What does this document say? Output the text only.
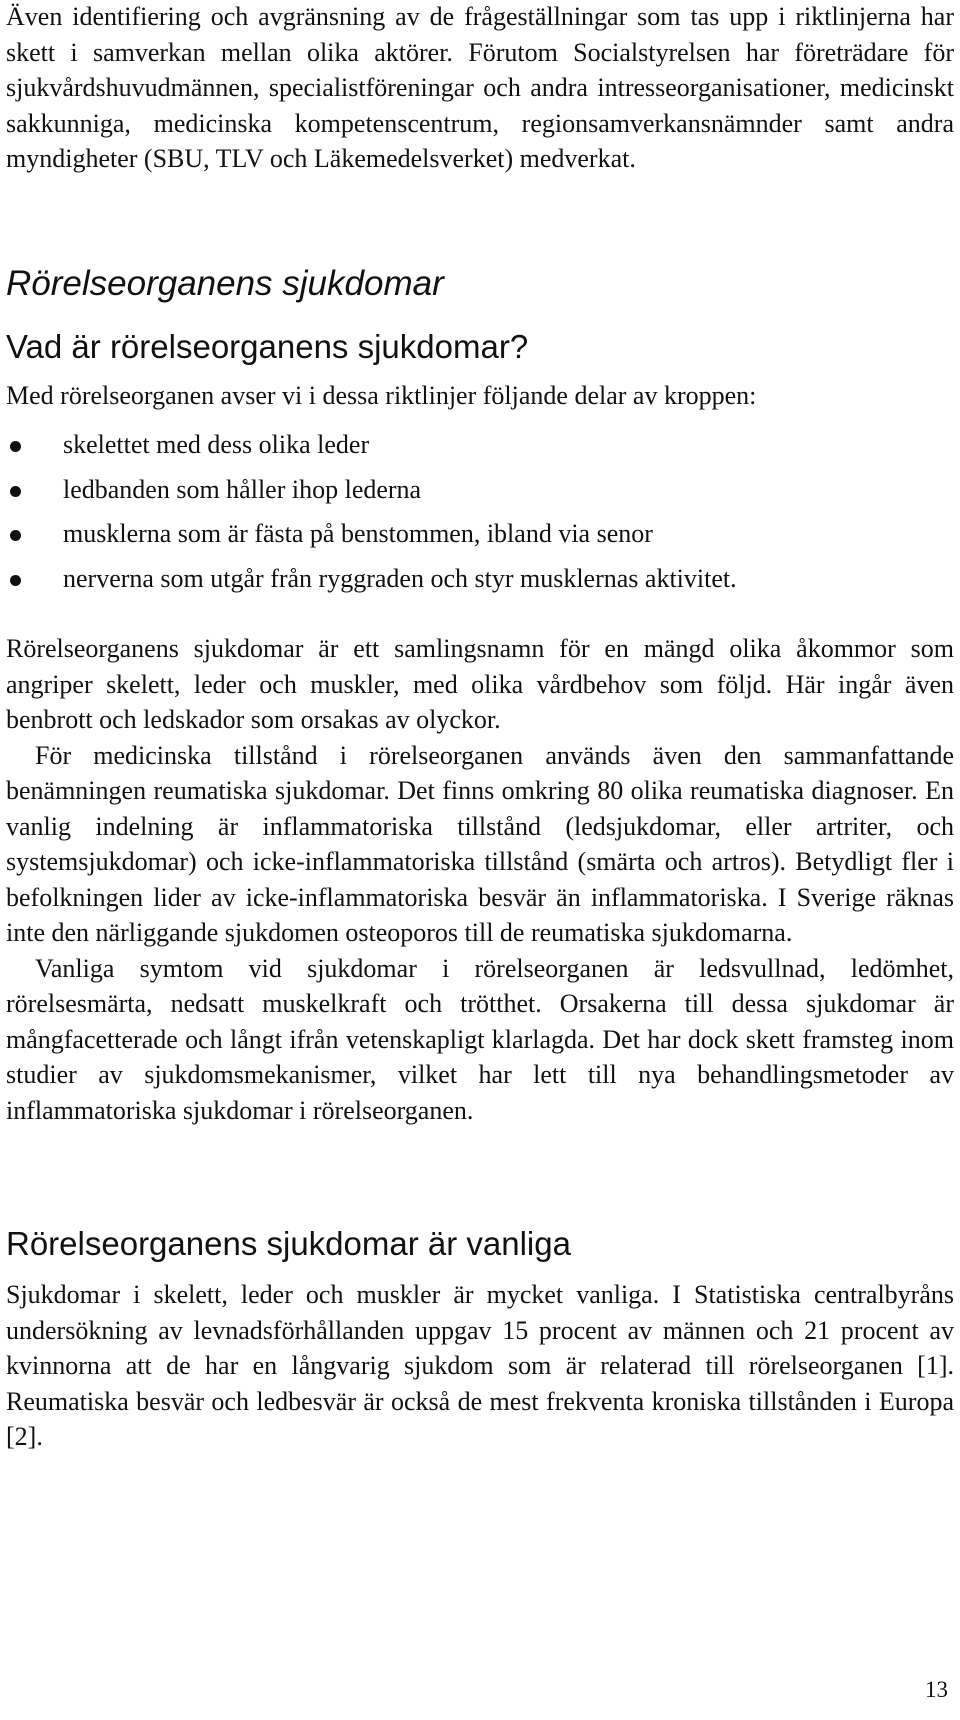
Även identifiering och avgränsning av de frågeställningar som tas upp i riktlinjerna har skett i samverkan mellan olika aktörer. Förutom Socialstyrelsen har företrädare för sjukvårdshuvudmännen, specialistföreningar och andra intresseorganisationer, medicinskt sakkunniga, medicinska kompetenscentrum, regionsamverkansnämnder samt andra myndigheter (SBU, TLV och Läkemedelsverket) medverkat.

Rörelseorganens sjukdomar
Vad är rörelseorganens sjukdomar?

Med rörelseorganen avser vi i dessa riktlinjer följande delar av kroppen:

skelettet med dess olika leder
ledbanden som håller ihop lederna
musklerna som är fästa på benstommen, ibland via senor
nerverna som utgår från ryggraden och styr musklernas aktivitet.

Rörelseorganens sjukdomar är ett samlingsnamn för en mängd olika åkommor som angriper skelett, leder och muskler, med olika vårdbehov som följd. Här ingår även benbrott och ledskador som orsakas av olyckor.

För medicinska tillstånd i rörelseorganen används även den sammanfattande benämningen reumatiska sjukdomar. Det finns omkring 80 olika reumatiska diagnoser. En vanlig indelning är inflammatoriska tillstånd (ledsjukdomar, eller artriter, och systemsjukdomar) och icke-inflammatoriska tillstånd (smärta och artros). Betydligt fler i befolkningen lider av icke-inflammatoriska besvär än inflammatoriska. I Sverige räknas inte den närliggande sjukdomen osteoporos till de reumatiska sjukdomarna.

Vanliga symtom vid sjukdomar i rörelseorganen är ledsvullnad, ledömhet, rörelsesmärta, nedsatt muskelkraft och trötthet. Orsakerna till dessa sjukdomar är mångfacetterade och långt ifrån vetenskapligt klarlagda. Det har dock skett framsteg inom studier av sjukdomsmekanismer, vilket har lett till nya behandlingsmetoder av inflammatoriska sjukdomar i rörelseorganen.

Rörelseorganens sjukdomar är vanliga

Sjukdomar i skelett, leder och muskler är mycket vanliga. I Statistiska centralbyråns undersökning av levnadsförhållanden uppgav 15 procent av männen och 21 procent av kvinnorna att de har en långvarig sjukdom som är relaterad till rörelseorganen [1]. Reumatiska besvär och ledbesvär är också de mest frekventa kroniska tillstånden i Europa [2].

13
